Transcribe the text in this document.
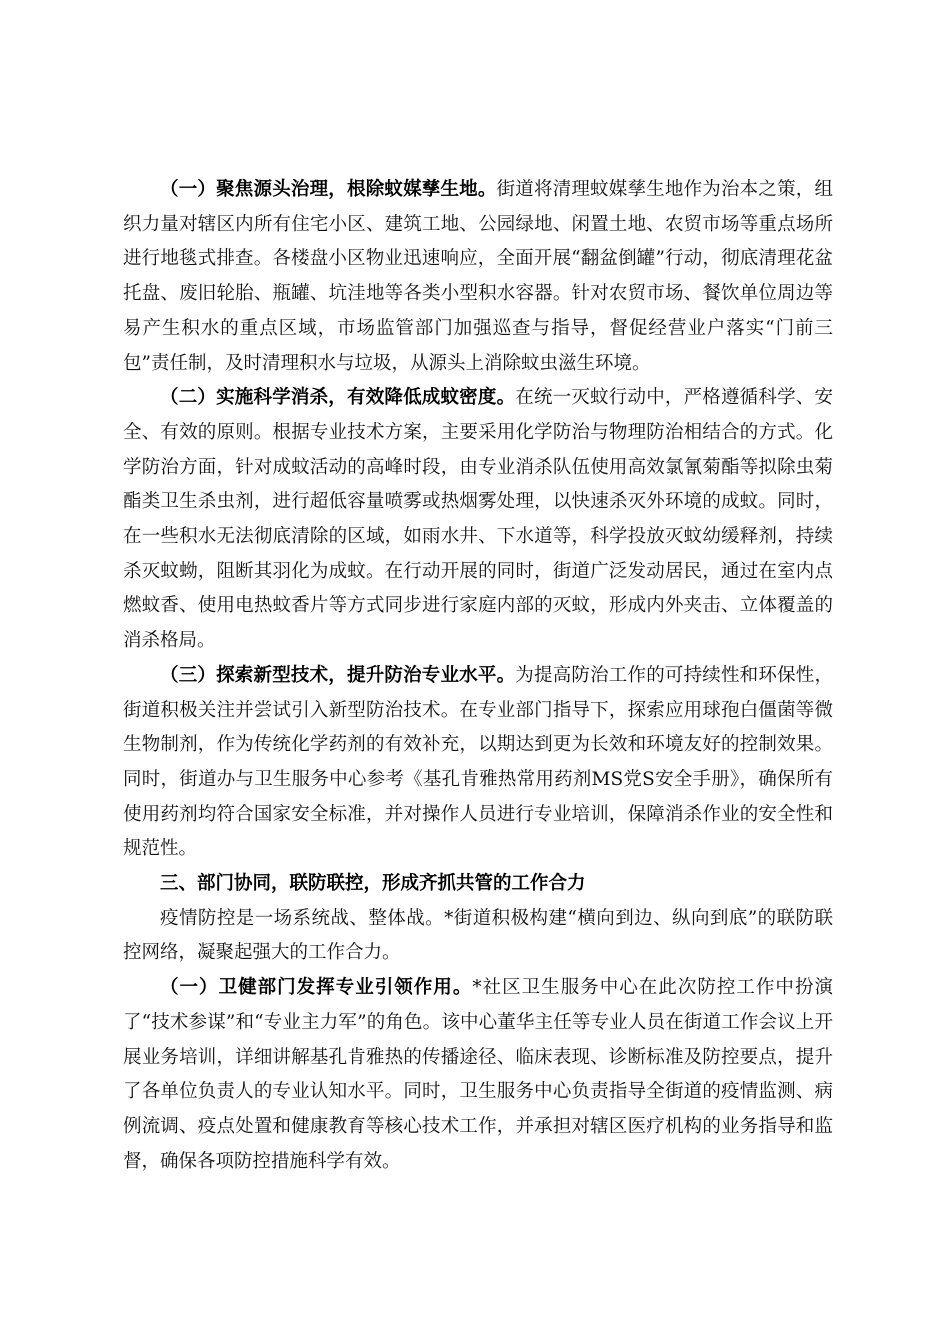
（一）聚焦源头治理，根除蚊媒孳生地。街道将清理蚊媒孳生地作为治本之策，组织力量对辖区内所有住宅小区、建筑工地、公园绿地、闲置土地、农贸市场等重点场所进行地毯式排查。各楼盘小区物业迅速响应，全面开展“翻盆倒罐”行动，彻底清理花盆托盘、废旧轮胎、瓶罐、坑洼地等各类小型积水容器。针对农贸市场、餐饮单位周边等易产生积水的重点区域，市场监管部门加强巡查与指导，督促经营业户落实“门前三包”责任制，及时清理积水与垃圾，从源头上消除蚊虫滋生环境。

（二）实施科学消杀，有效降低成蚊密度。在统一灭蚊行动中，严格遵循科学、安全、有效的原则。根据专业技术方案，主要采用化学防治与物理防治相结合的方式。化学防治方面，针对成蚊活动的高峰时段，由专业消杀队伍使用高效氯氰菊酯等拟除虫菊酯类卫生杀虫剂，进行超低容量喷雾或热烟雾处理，以快速杀灭外环境的成蚊。同时，在一些积水无法彻底清除的区域，如雨水井、下水道等，科学投放灭蚊幼缓释剂，持续杀灭蚊蚴，阻断其羽化为成蚊。在行动开展的同时，街道广泛发动居民，通过在室内点燃蚊香、使用电热蚊香片等方式同步进行家庭内部的灭蚊，形成内外夹击、立体覆盖的消杀格局。

（三）探索新型技术，提升防治专业水平。为提高防治工作的可持续性和环保性，街道积极关注并尝试引入新型防治技术。在专业部门指导下，探索应用球孢白僵菌等微生物制剂，作为传统化学药剂的有效补充，以期达到更为长效和环境友好的控制效果。同时，街道办与卫生服务中心参考《基孔肯雅热常用药剂MS党S安全手册》，确保所有使用药剂均符合国家安全标准，并对操作人员进行专业培训，保障消杀作业的安全性和规范性。

三、部门协同，联防联控，形成齐抓共管的工作合力

疫情防控是一场系统战、整体战。*街道积极构建“横向到边、纵向到底”的联防联控网络，凝聚起强大的工作合力。

（一）卫健部门发挥专业引领作用。*社区卫生服务中心在此次防控工作中扮演了“技术参谋”和“专业主力军”的角色。该中心董华主任等专业人员在街道工作会议上开展业务培训，详细讲解基孔肯雅热的传播途径、临床表现、诊断标准及防控要点，提升了各单位负责人的专业认知水平。同时，卫生服务中心负责指导全街道的疫情监测、病例流调、疫点处置和健康教育等核心技术工作，并承担对辖区医疗机构的业务指导和监督，确保各项防控措施科学有效。
